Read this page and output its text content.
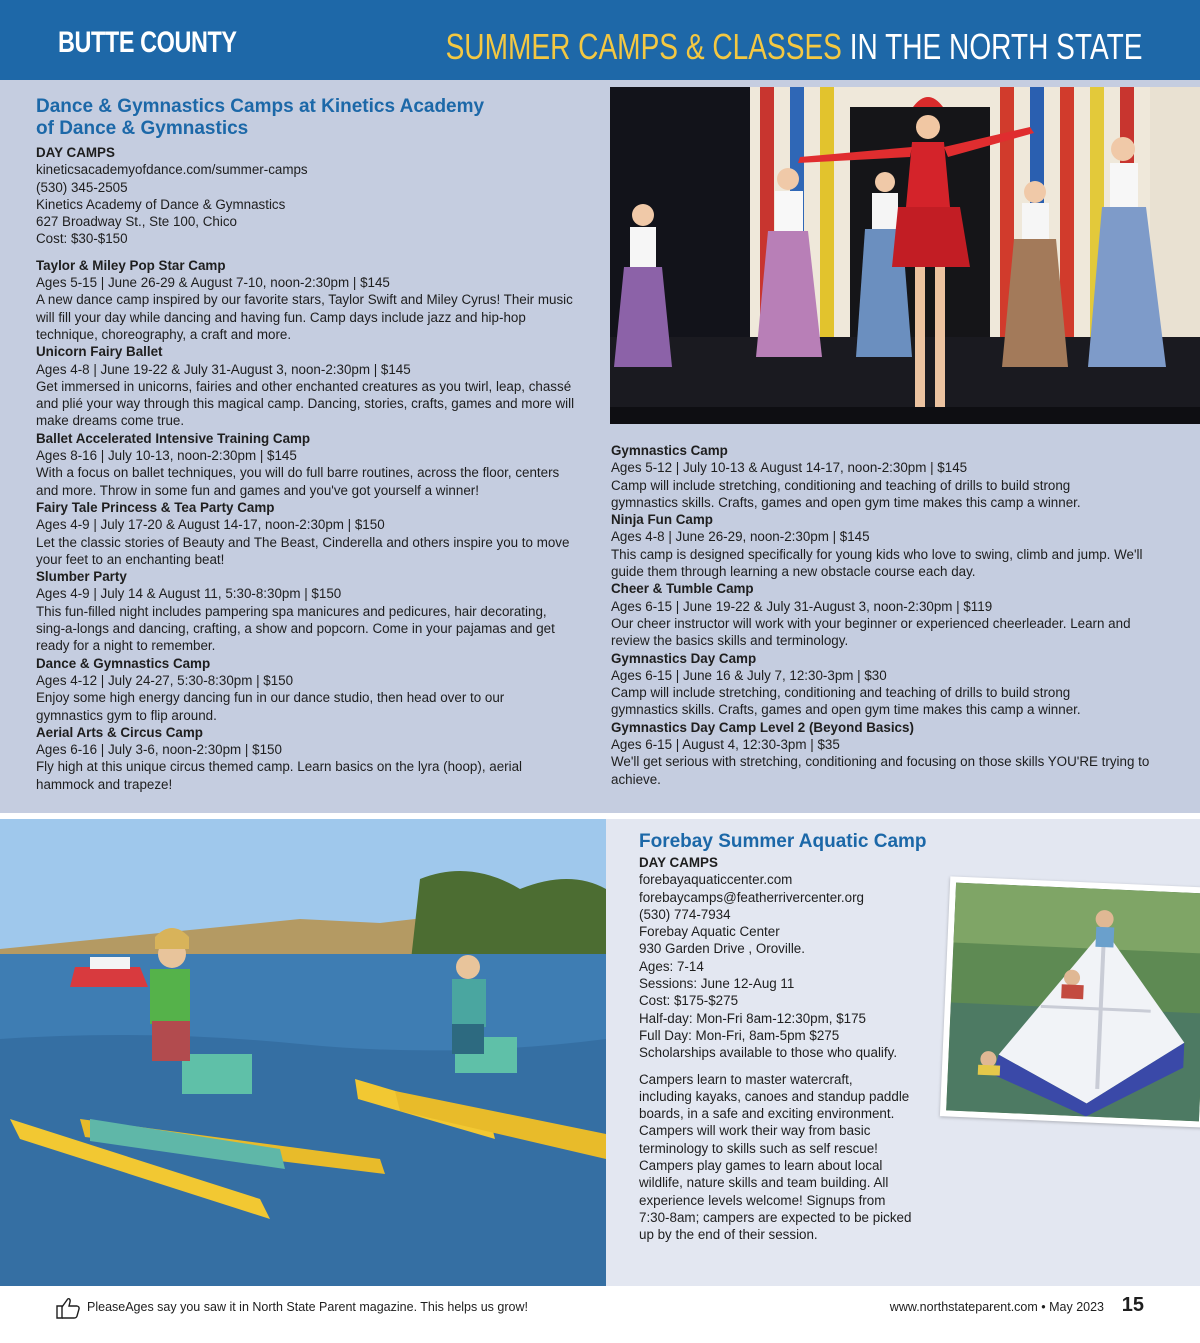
BUTTE COUNTY	SUMMER CAMPS & CLASSES IN THE NORTH STATE
Dance & Gymnastics Camps at Kinetics Academy
of Dance & Gymnastics
DAY CAMPS
kineticsacademyofdance.com/summer-camps
(530) 345-2505
Kinetics Academy of Dance & Gymnastics
627 Broadway St., Ste 100, Chico
Cost: $30-$150
Taylor & Miley Pop Star Camp
Ages 5-15 | June 26-29 & August 7-10, noon-2:30pm | $145
A new dance camp inspired by our favorite stars, Taylor Swift and Miley Cyrus! Their music
will fill your day while dancing and having fun. Camp days include jazz and hip-hop
technique, choreography, a craft and more.
Unicorn Fairy Ballet
Ages 4-8 | June 19-22 & July 31-August 3, noon-2:30pm | $145
Get immersed in unicorns, fairies and other enchanted creatures as you twirl, leap, chassé
and plié your way through this magical camp. Dancing, stories, crafts, games and more will
make dreams come true.
Ballet Accelerated Intensive Training Camp
Ages 8-16 | July 10-13, noon-2:30pm | $145
With a focus on ballet techniques, you will do full barre routines, across the floor, centers
and more. Throw in some fun and games and you've got yourself a winner!
Fairy Tale Princess & Tea Party Camp
Ages 4-9 | July 17-20 & August 14-17, noon-2:30pm | $150
Let the classic stories of Beauty and The Beast, Cinderella and others inspire you to move
your feet to an enchanting beat!
Slumber Party
Ages 4-9 | July 14 & August 11, 5:30-8:30pm | $150
This fun-filled night includes pampering spa manicures and pedicures, hair decorating,
sing-a-longs and dancing, crafting, a show and popcorn. Come in your pajamas and get
ready for a night to remember.
Dance & Gymnastics Camp
Ages 4-12 | July 24-27, 5:30-8:30pm | $150
Enjoy some high energy dancing fun in our dance studio, then head over to our
gymnastics gym to flip around.
Aerial Arts & Circus Camp
Ages 6-16 | July 3-6, noon-2:30pm | $150
Fly high at this unique circus themed camp. Learn basics on the lyra (hoop), aerial
hammock and trapeze!
Gymnastics Camp
Ages 5-12 | July 10-13 & August 14-17, noon-2:30pm | $145
Camp will include stretching, conditioning and teaching of drills to build strong
gymnastics skills. Crafts, games and open gym time makes this camp a winner.
Ninja Fun Camp
Ages 4-8 | June 26-29, noon-2:30pm | $145
This camp is designed specifically for young kids who love to swing, climb and jump. We'll
guide them through learning a new obstacle course each day.
Cheer & Tumble Camp
Ages 6-15 | June 19-22 & July 31-August 3, noon-2:30pm | $119
Our cheer instructor will work with your beginner or experienced cheerleader. Learn and
review the basics skills and terminology.
Gymnastics Day Camp
Ages 6-15 | June 16 & July 7, 12:30-3pm | $30
Camp will include stretching, conditioning and teaching of drills to build strong
gymnastics skills. Crafts, games and open gym time makes this camp a winner.
Gymnastics Day Camp Level 2 (Beyond Basics)
Ages 6-15 | August 4, 12:30-3pm | $35
We'll get serious with stretching, conditioning and focusing on those skills YOU'RE trying to
achieve.
Forebay Summer Aquatic Camp
DAY CAMPS
forebayaquaticcenter.com
forebaycamps@featherrivercenter.org
(530) 774-7934
Forebay Aquatic Center
930 Garden Drive , Oroville.
Ages: 7-14
Sessions: June 12-Aug 11
Cost: $175-$275
Half-day: Mon-Fri 8am-12:30pm, $175
Full Day: Mon-Fri, 8am-5pm $275
Scholarships available to those who qualify.
Campers learn to master watercraft,
including kayaks, canoes and standup paddle
boards, in a safe and exciting environment.
Campers will work their way from basic
terminology to skills such as self rescue!
Campers play games to learn about local
wildlife, nature skills and team building. All
experience levels welcome! Signups from
7:30-8am; campers are expected to be picked
up by the end of their session.
PleaseAges say you saw it in North State Parent magazine. This helps us grow!	www.northstateparent.com • May 2023 15
